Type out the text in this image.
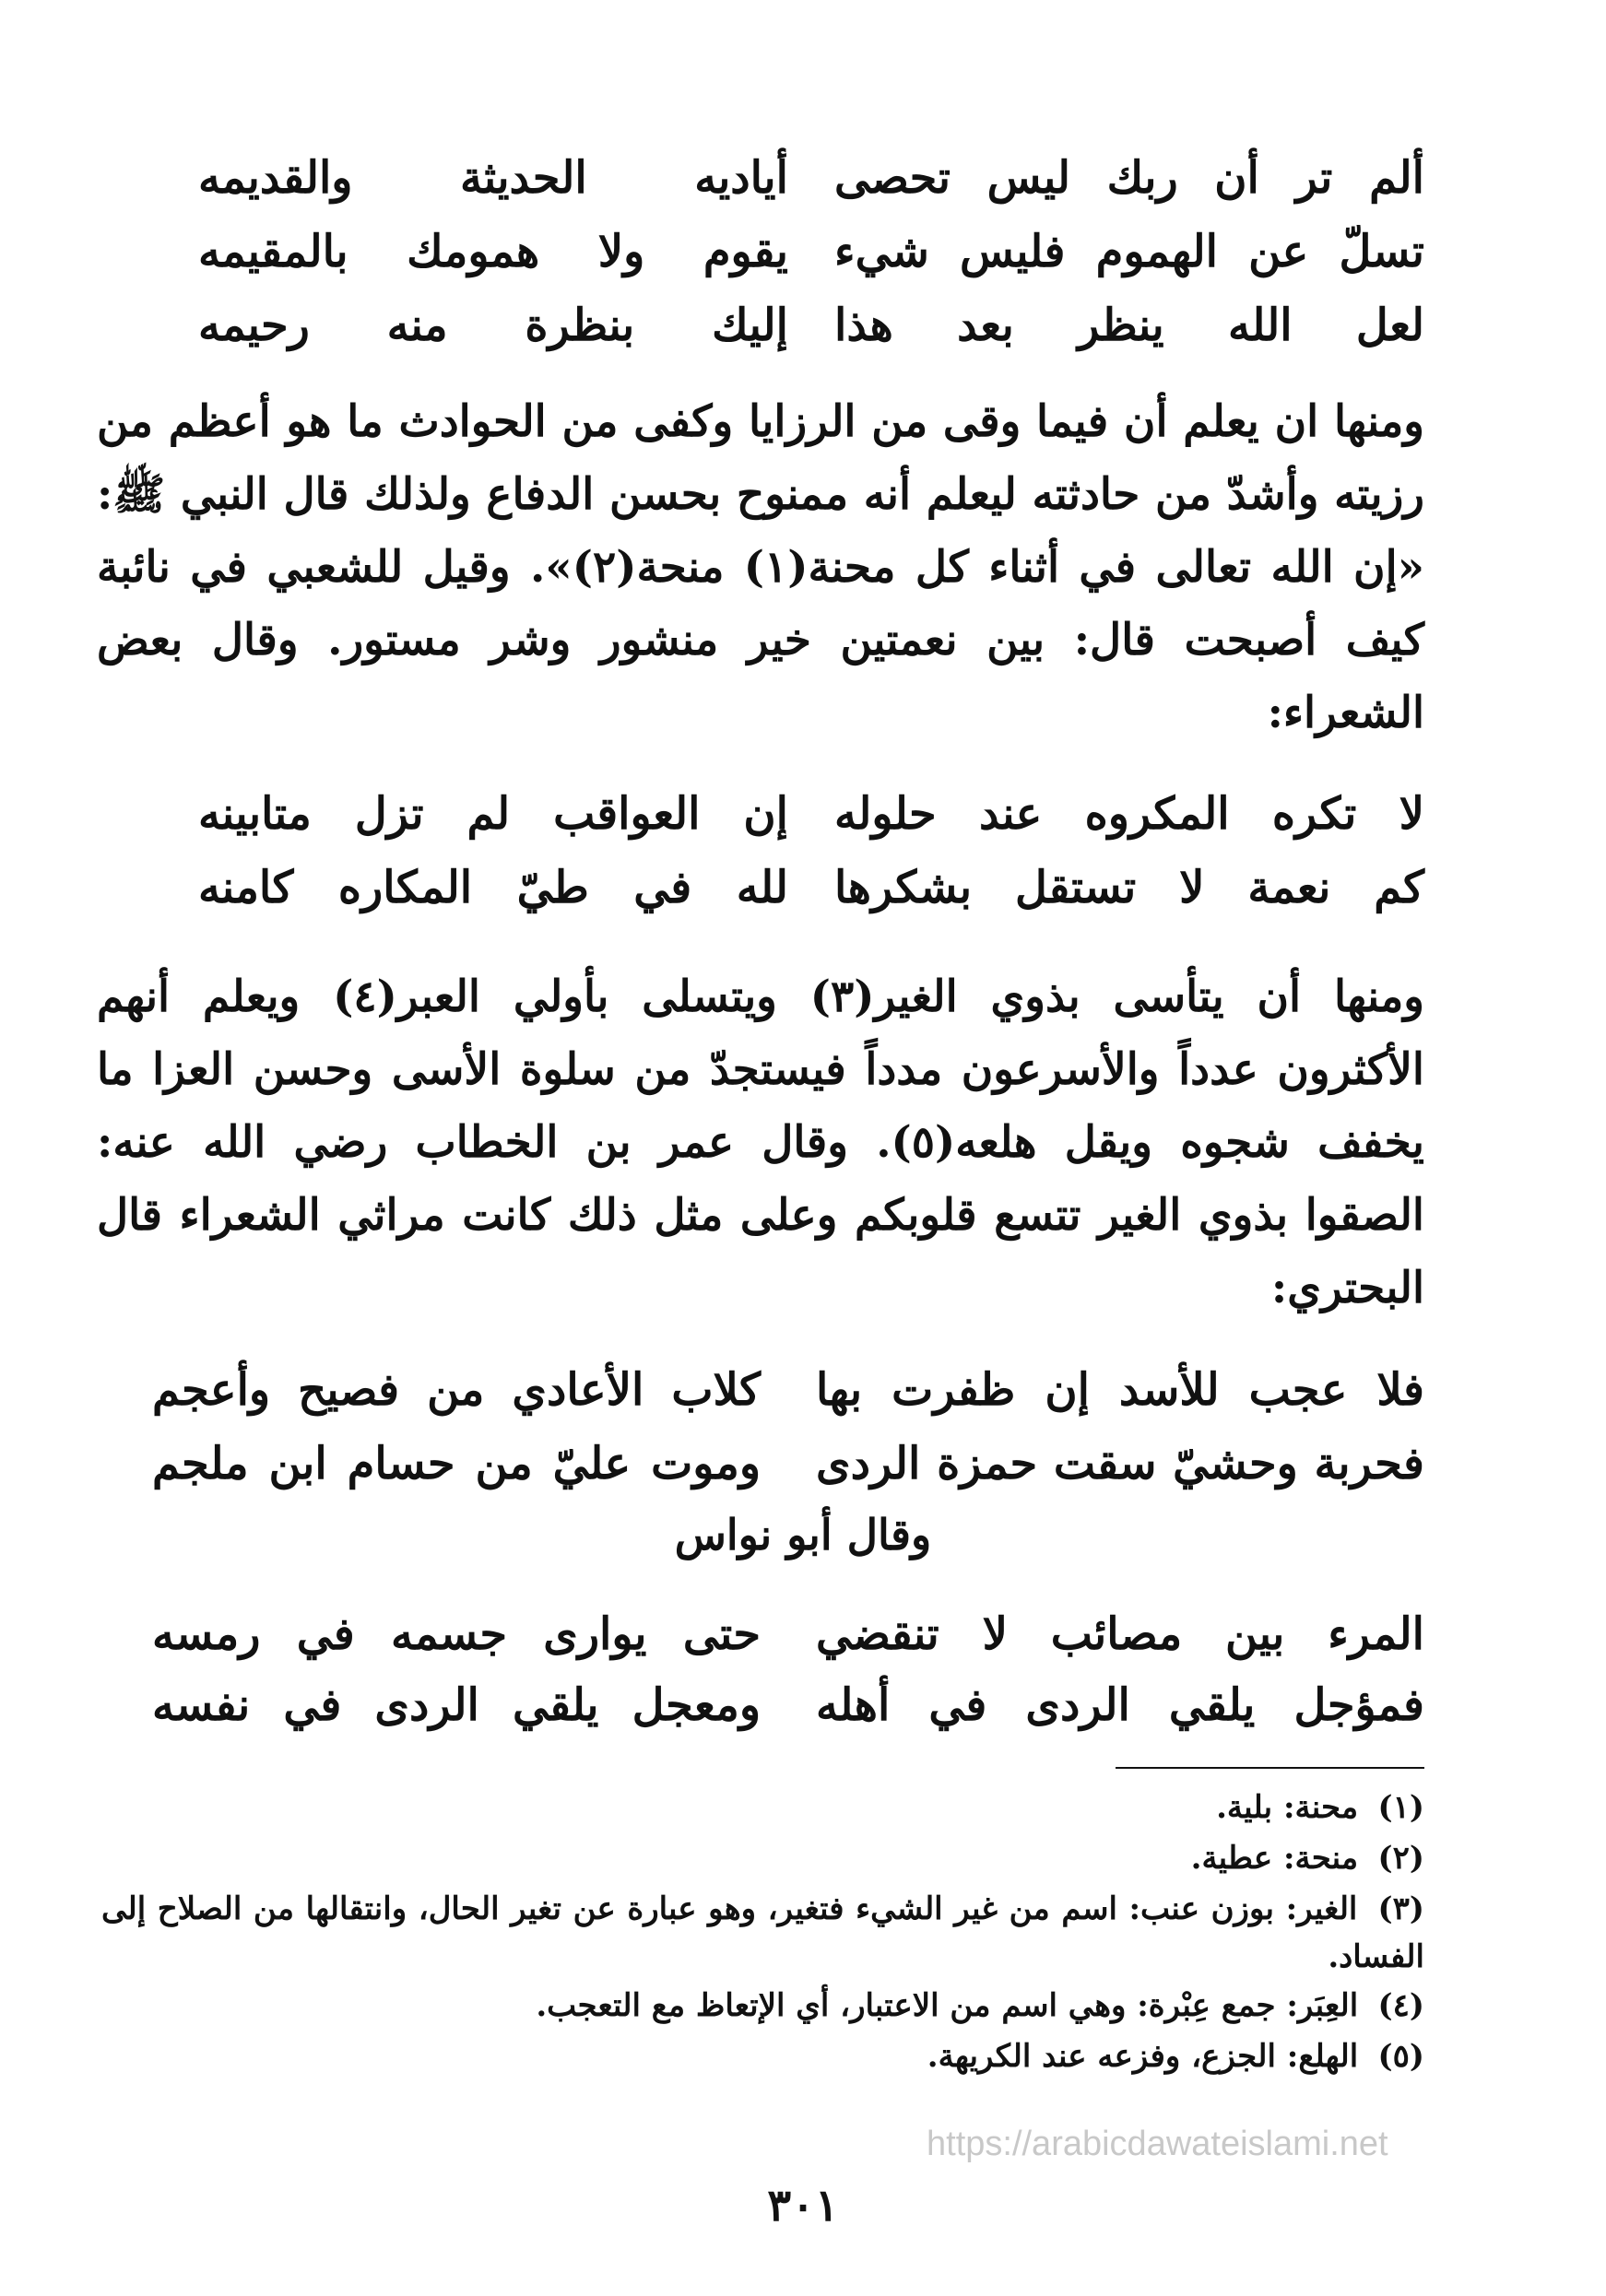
ألم تر أن ربك ليس تحصى
أياديه الحديثة والقديمه
تسلّ عن الهموم فليس شيء
يقوم ولا همومك بالمقيمه
لعل الله ينظر بعد هذا
إليك بنظرة منه رحيمه
ومنها ان يعلم أن فيما وقى من الرزايا وكفى من الحوادث ما هو أعظم من رزيته وأشدّ من حادثته ليعلم أنه ممنوح بحسن الدفاع ولذلك قال النبي ﷺ: «إن الله تعالى في أثناء كل محنة(١) منحة(٢)». وقيل للشعبي في نائبة كيف أصبحت قال: بين نعمتين خير منشور وشر مستور. وقال بعض الشعراء:
لا تكره المكروه عند حلوله
إن العواقب لم تزل متابينه
كم نعمة لا تستقل بشكرها
لله في طيّ المكاره كامنه
ومنها أن يتأسى بذوي الغير(٣) ويتسلى بأولي العبر(٤) ويعلم أنهم الأكثرون عدداً والأسرعون مدداً فيستجدّ من سلوة الأسى وحسن العزا ما يخفف شجوه ويقل هلعه(٥). وقال عمر بن الخطاب رضي الله عنه: الصقوا بذوي الغير تتسع قلوبكم وعلى مثل ذلك كانت مراثي الشعراء قال البحتري:
فلا عجب للأسد إن ظفرت بها
كلاب الأعادي من فصيح وأعجم
فحربة وحشيّ سقت حمزة الردى
وموت عليّ من حسام ابن ملجم
وقال أبو نواس
المرء بين مصائب لا تنقضي
حتى يوارى جسمه في رمسه
فمؤجل يلقي الردى في أهله
ومعجل يلقي الردى في نفسه
(١) محنة: بلية.
(٢) منحة: عطية.
(٣) الغير: بوزن عنب: اسم من غير الشيء فتغير، وهو عبارة عن تغير الحال، وانتقالها من الصلاح إلى الفساد.
(٤) العِبَر: جمع عِبْرة: وهي اسم من الاعتبار، أي الإتعاظ مع التعجب.
(٥) الهلع: الجزع، وفزعه عند الكريهة.
https://arabicdawateislami.net
٣٠١
